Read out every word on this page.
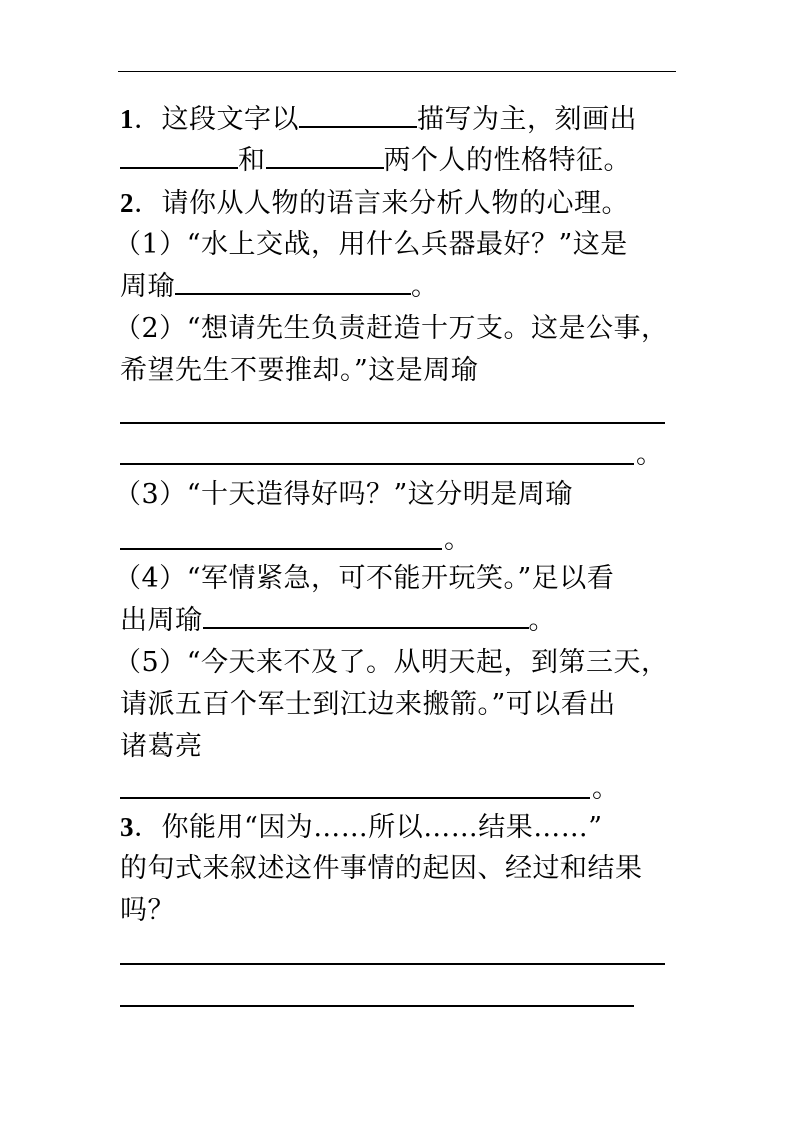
1．这段文字以	描写为主，刻画出
和	两个人的性格特征。
2．请你从人物的语言来分析人物的心理。
（1）“水上交战，用什么兵器最好？”这是
周瑜	。
（2）“想请先生负责赶造十万支。这是公事，
希望先生不要推却。”这是周瑜
。
（3）“十天造得好吗？”这分明是周瑜
。
（4）“军情紧急，可不能开玩笑。”足以看
出周瑜	。
（5）“今天来不及了。从明天起，到第三天，
请派五百个军士到江边来搬箭。”可以看出
诸葛亮
。
3．你能用“因为……所以……结果……”
的句式来叙述这件事情的起因、经过和结果
吗？
